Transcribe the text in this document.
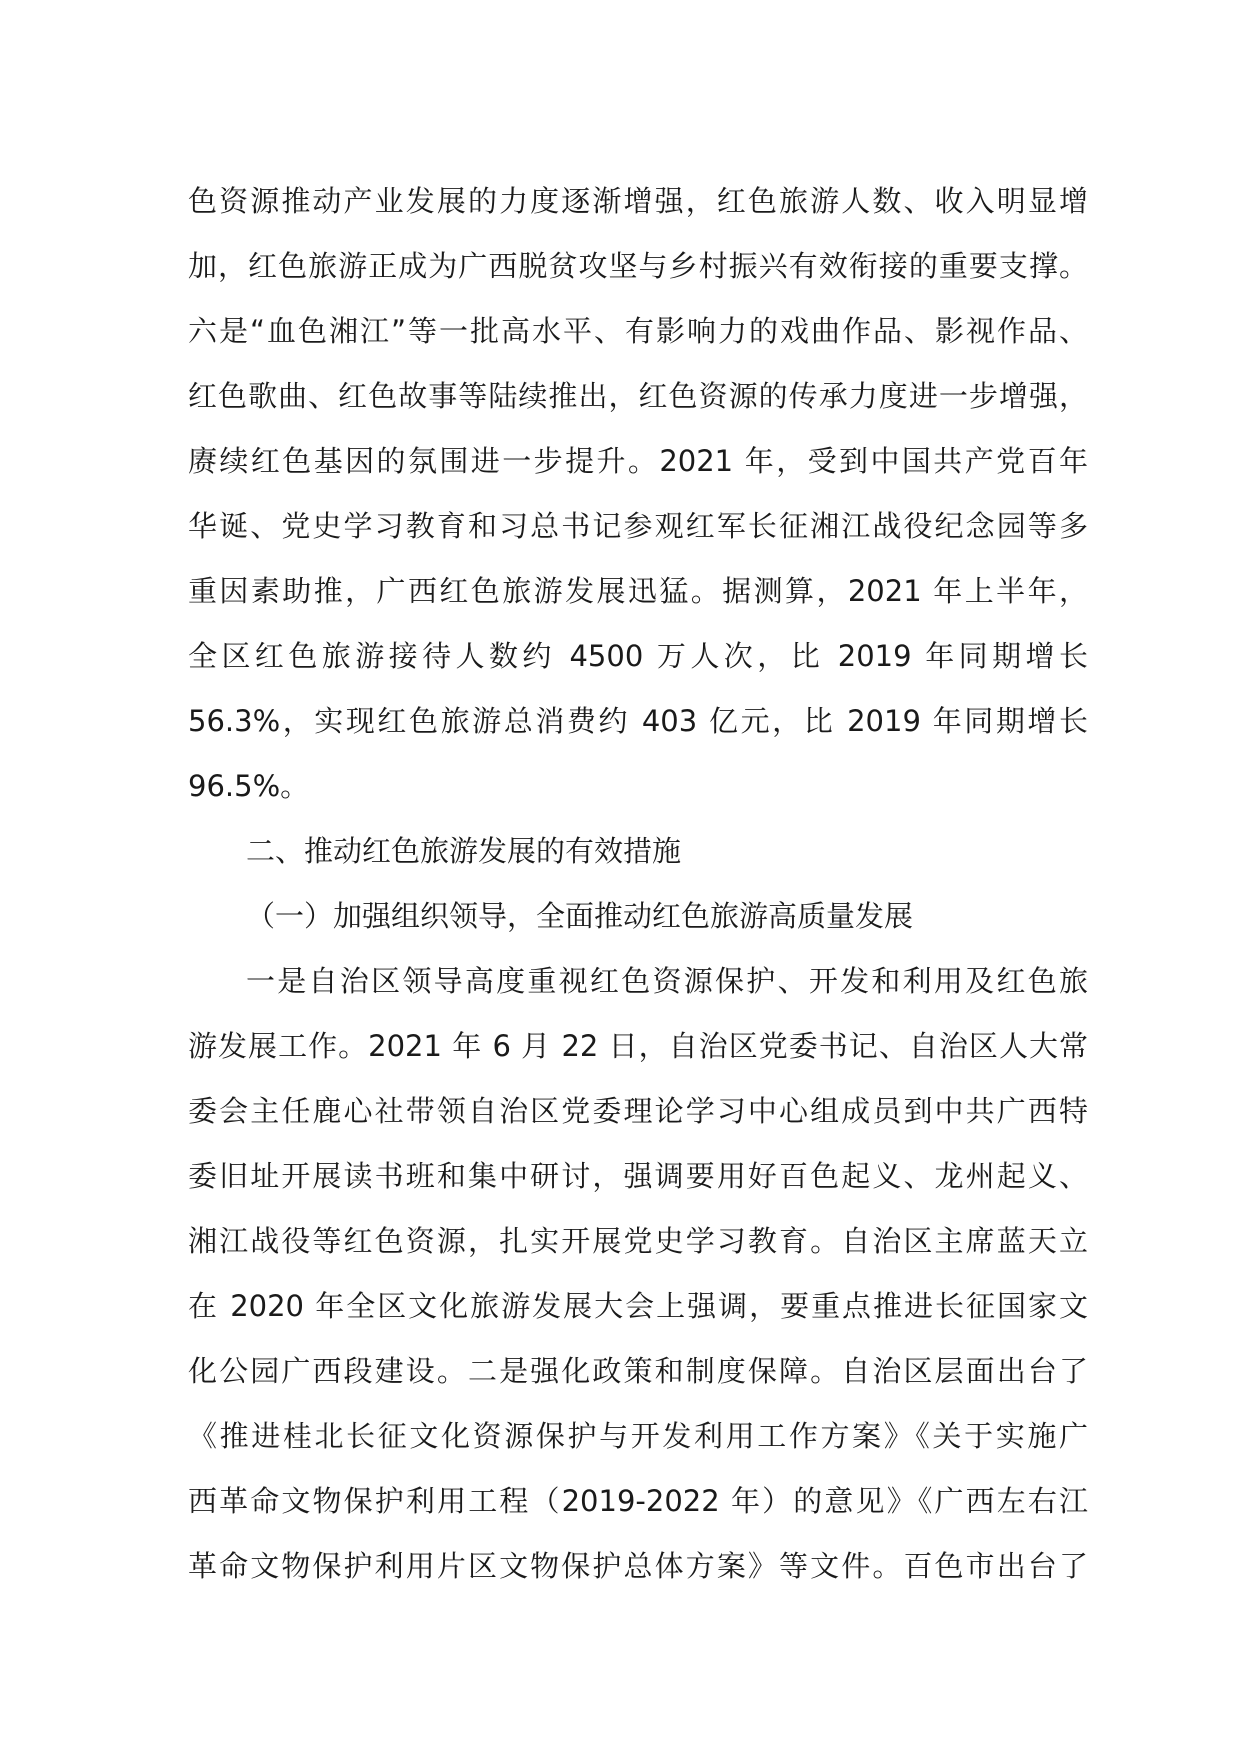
色资源推动产业发展的力度逐渐增强，红色旅游人数、收入明显增
加，红色旅游正成为广西脱贫攻坚与乡村振兴有效衔接的重要支撑。
六是“血色湘江”等一批高水平、有影响力的戏曲作品、影视作品、
红色歌曲、红色故事等陆续推出，红色资源的传承力度进一步增强，
赓续红色基因的氛围进一步提升。2021 年，受到中国共产党百年
华诞、党史学习教育和习总书记参观红军长征湘江战役纪念园等多
重因素助推，广西红色旅游发展迅猛。据测算，2021 年上半年，
全区红色旅游接待人数约 4500 万人次，比 2019 年同期增长
56.3%，实现红色旅游总消费约 403 亿元，比 2019 年同期增长
96.5%。
二、推动红色旅游发展的有效措施
（一）加强组织领导，全面推动红色旅游高质量发展
一是自治区领导高度重视红色资源保护、开发和利用及红色旅
游发展工作。2021 年 6 月 22 日，自治区党委书记、自治区人大常
委会主任鹿心社带领自治区党委理论学习中心组成员到中共广西特
委旧址开展读书班和集中研讨，强调要用好百色起义、龙州起义、
湘江战役等红色资源，扎实开展党史学习教育。自治区主席蓝天立
在 2020 年全区文化旅游发展大会上强调，要重点推进长征国家文
化公园广西段建设。二是强化政策和制度保障。自治区层面出台了
《推进桂北长征文化资源保护与开发利用工作方案》《关于实施广
西革命文物保护利用工程（2019-2022 年）的意见》《广西左右江
革命文物保护利用片区文物保护总体方案》等文件。百色市出台了
